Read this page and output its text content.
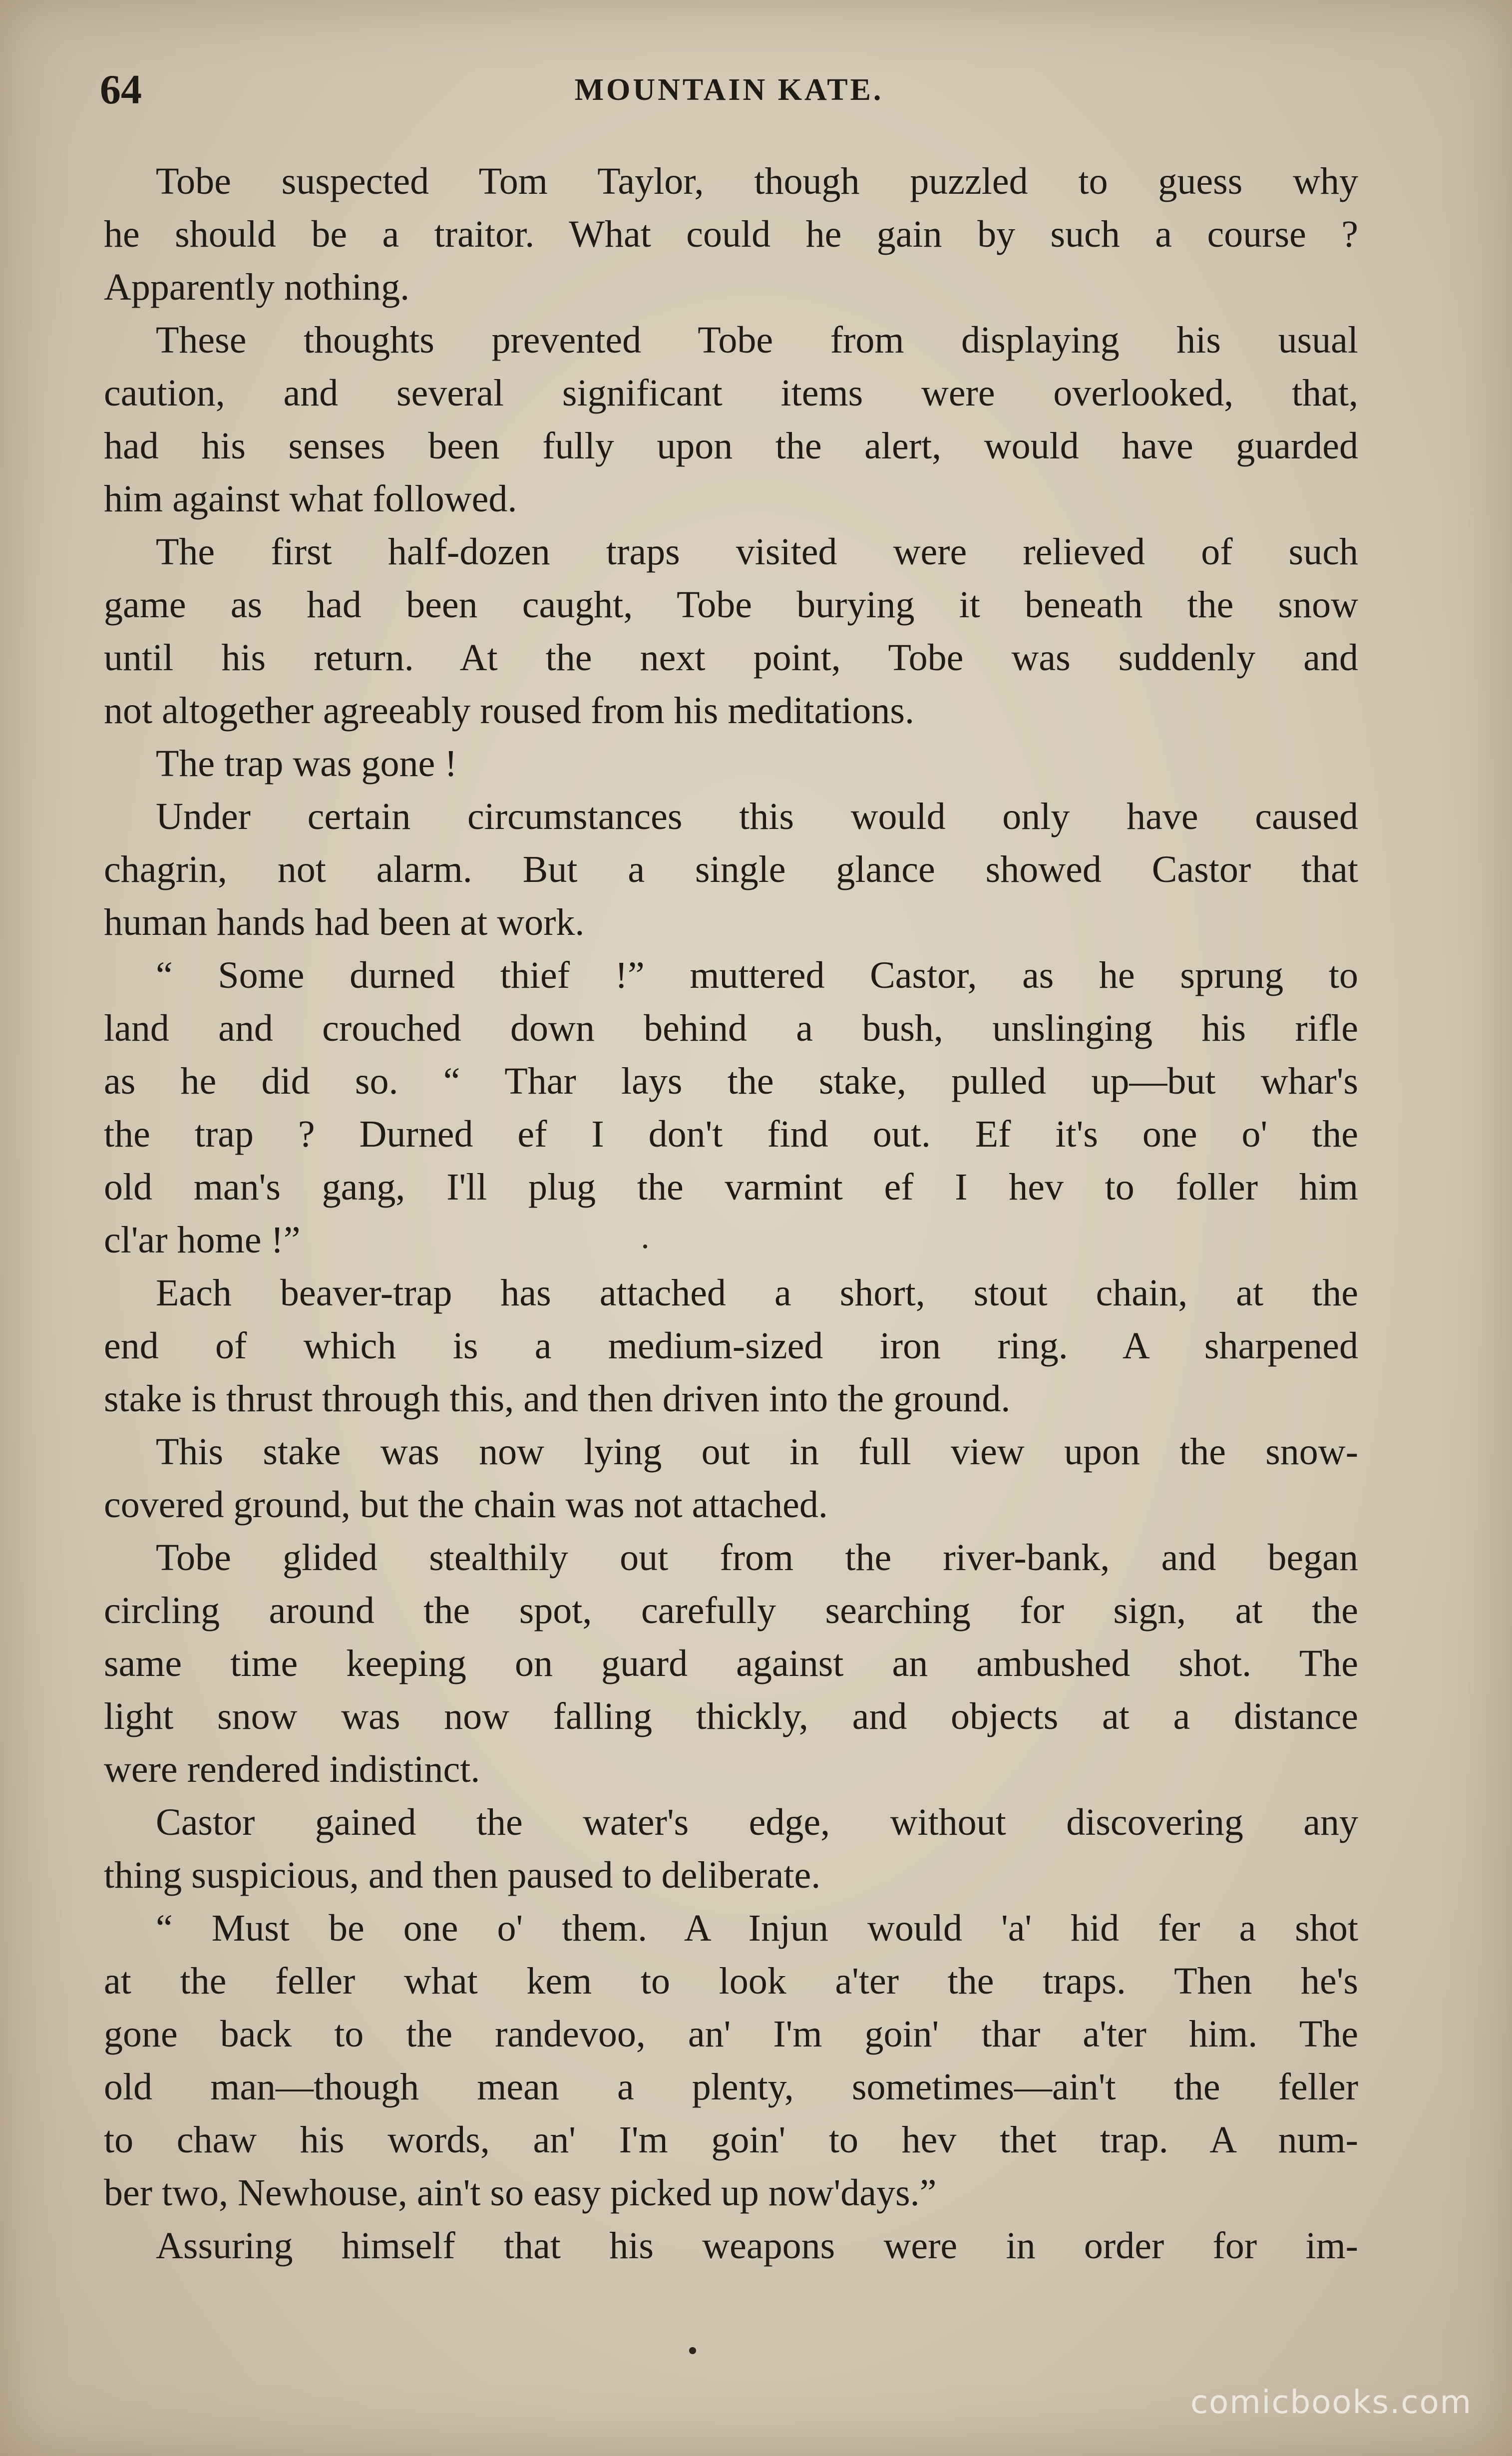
64	MOUNTAIN KATE.
Tobe suspected Tom Taylor, though puzzled to guess why
he should be a traitor. What could he gain by such a course ?
Apparently nothing.
These thoughts prevented Tobe from displaying his usual
caution, and several significant items were overlooked, that,
had his senses been fully upon the alert, would have guarded
him against what followed.
The first half-dozen traps visited were relieved of such
game as had been caught, Tobe burying it beneath the snow
until his return. At the next point, Tobe was suddenly and
not altogether agreeably roused from his meditations.
The trap was gone !
Under certain circumstances this would only have caused
chagrin, not alarm. But a single glance showed Castor that
human hands had been at work.
“ Some durned thief !” muttered Castor, as he sprung to
land and crouched down behind a bush, unslinging his rifle
as he did so. “ Thar lays the stake, pulled up—but whar's
the trap ? Durned ef I don't find out. Ef it's one o' the
old man's gang, I'll plug the varmint ef I hev to foller him
cl'ar home !”
Each beaver-trap has attached a short, stout chain, at the
end of which is a medium-sized iron ring. A sharpened
stake is thrust through this, and then driven into the ground.
This stake was now lying out in full view upon the snow-
covered ground, but the chain was not attached.
Tobe glided stealthily out from the river-bank, and began
circling around the spot, carefully searching for sign, at the
same time keeping on guard against an ambushed shot. The
light snow was now falling thickly, and objects at a distance
were rendered indistinct.
Castor gained the water's edge, without discovering any
thing suspicious, and then paused to deliberate.
“ Must be one o' them. A Injun would 'a' hid fer a shot
at the feller what kem to look a'ter the traps. Then he's
gone back to the randevoo, an' I'm goin' thar a'ter him. The
old man—though mean a plenty, sometimes—ain't the feller
to chaw his words, an' I'm goin' to hev thet trap. A num-
ber two, Newhouse, ain't so easy picked up now'days.”
Assuring himself that his weapons were in order for im-
comicbooks.com
